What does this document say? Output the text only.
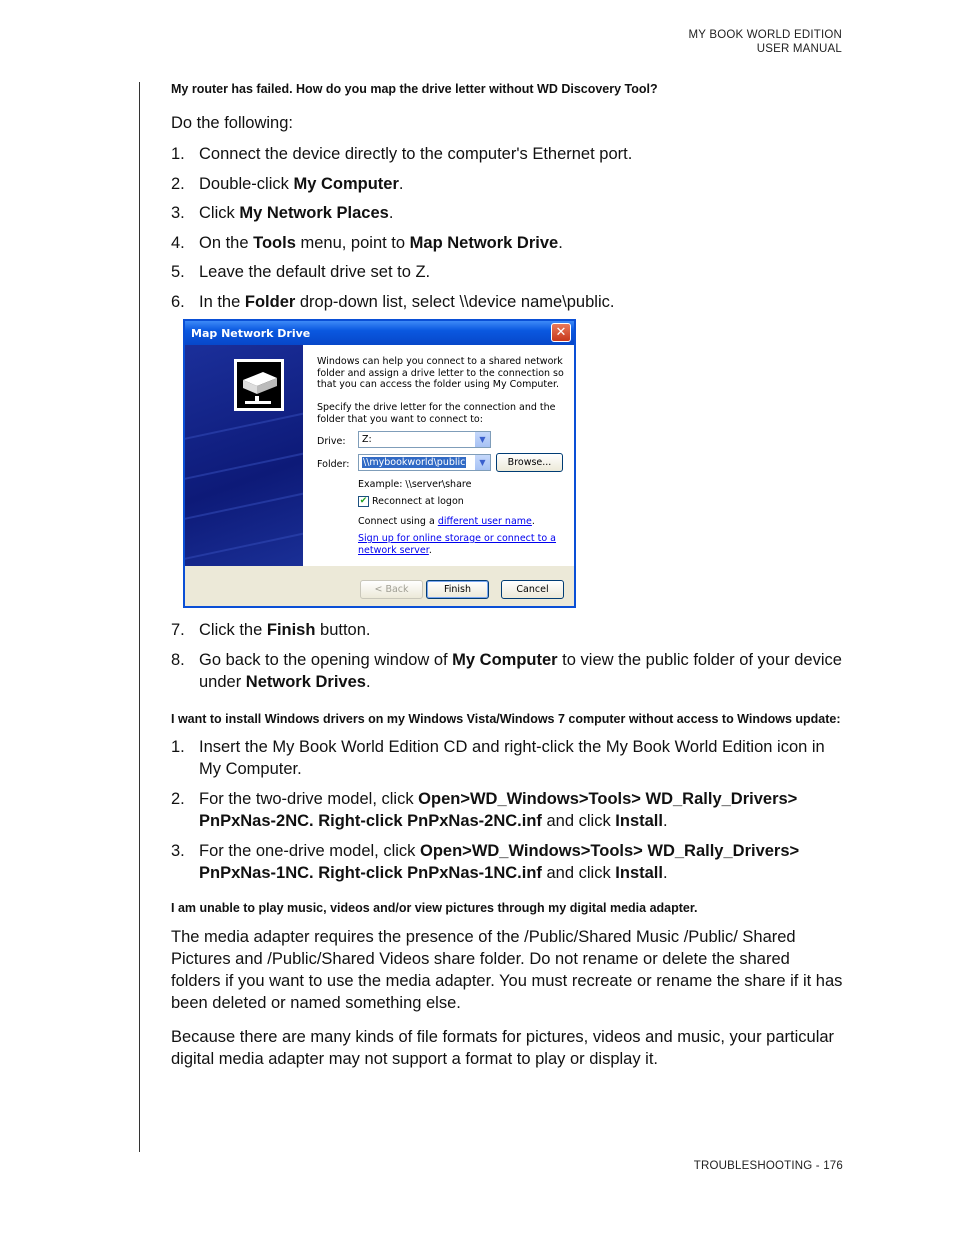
MY BOOK WORLD EDITION
USER MANUAL

My router has failed. How do you map the drive letter without WD Discovery Tool?

Do the following:

1. Connect the device directly to the computer's Ethernet port.
2. Double-click My Computer.
3. Click My Network Places.
4. On the Tools menu, point to Map Network Drive.
5. Leave the default drive set to Z.
6. In the Folder drop-down list, select \\device name\public.
Map Network Drive	✕
Windows can help you connect to a shared network folder and assign a drive letter to the connection so that you can access the folder using My Computer.
Specify the drive letter for the connection and the folder that you want to connect to:
Drive:	Z:	▼
Folder:	\\mybookworld\public	▼	Browse...
Example: \\server\share
✔ Reconnect at logon
Connect using a different user name.
Sign up for online storage or connect to a network server.
< Back	Finish	Cancel
7. Click the Finish button.
8. Go back to the opening window of My Computer to view the public folder of your device under Network Drives.

I want to install Windows drivers on my Windows Vista/Windows 7 computer without access to Windows update:

1. Insert the My Book World Edition CD and right-click the My Book World Edition icon in My Computer.
2. For the two-drive model, click Open>WD_Windows>Tools> WD_Rally_Drivers> PnPxNas-2NC. Right-click PnPxNas-2NC.inf and click Install.
3. For the one-drive model, click Open>WD_Windows>Tools> WD_Rally_Drivers> PnPxNas-1NC. Right-click PnPxNas-1NC.inf and click Install.

I am unable to play music, videos and/or view pictures through my digital media adapter.

The media adapter requires the presence of the /Public/Shared Music /Public/ Shared Pictures and /Public/Shared Videos share folder. Do not rename or delete the shared folders if you want to use the media adapter. You must recreate or rename the share if it has been deleted or named something else.

Because there are many kinds of file formats for pictures, videos and music, your particular digital media adapter may not support a format to play or display it.

TROUBLESHOOTING - 176
